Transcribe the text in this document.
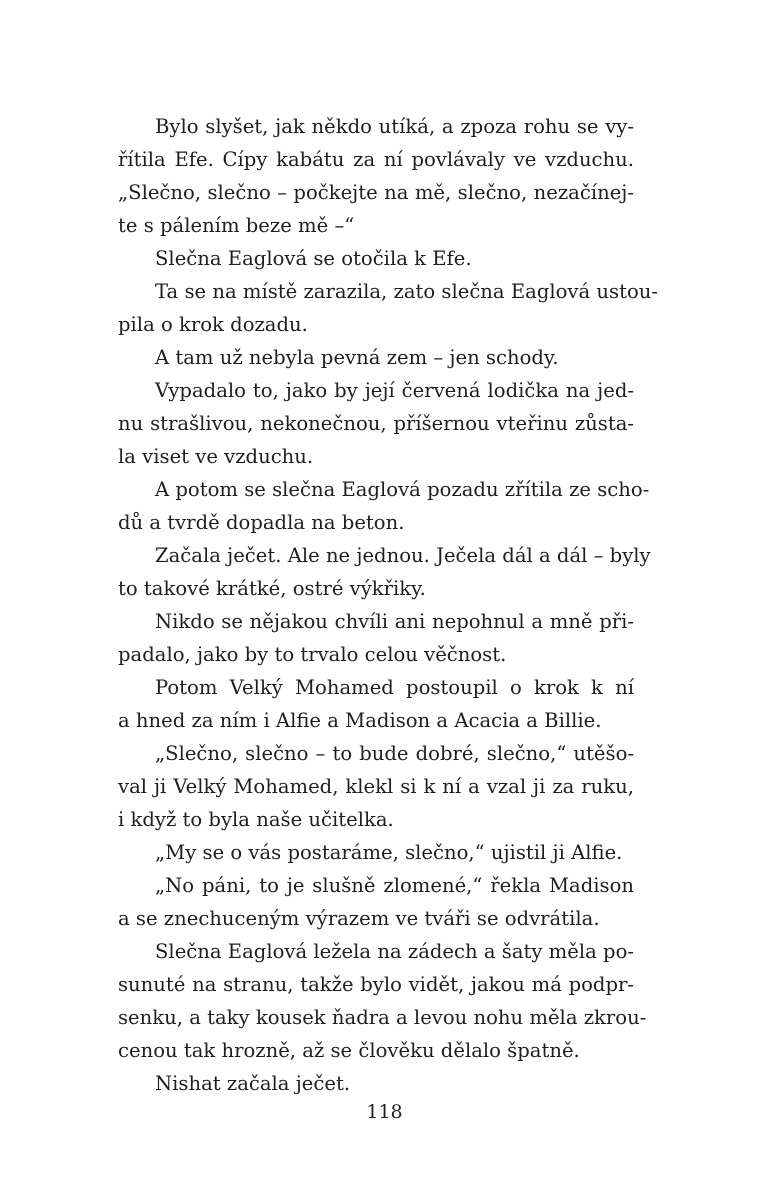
Bylo slyšet, jak někdo utíká, a zpoza rohu se vy-
řítila Efe. Cípy kabátu za ní povlávaly ve vzduchu.
„Slečno, slečno – počkejte na mě, slečno, nezačínej-
te s pálením beze mě –“
Slečna Eaglová se otočila k Efe.
Ta se na místě zarazila, zato slečna Eaglová ustou-
pila o krok dozadu.
A tam už nebyla pevná zem – jen schody.
Vypadalo to, jako by její červená lodička na jed-
nu strašlivou, nekonečnou, příšernou vteřinu zůsta-
la viset ve vzduchu.
A potom se slečna Eaglová pozadu zřítila ze scho-
dů a tvrdě dopadla na beton.
Začala ječet. Ale ne jednou. Ječela dál a dál – byly
to takové krátké, ostré výkřiky.
Nikdo se nějakou chvíli ani nepohnul a mně při-
padalo, jako by to trvalo celou věčnost.
Potom Velký Mohamed postoupil o krok k ní
a hned za ním i Alfie a Madison a Acacia a Billie.
„Slečno, slečno – to bude dobré, slečno,“ utěšo-
val ji Velký Mohamed, klekl si k ní a vzal ji za ruku,
i když to byla naše učitelka.
„My se o vás postaráme, slečno,“ ujistil ji Alfie.
„No páni, to je slušně zlomené,“ řekla Madison
a se znechuceným výrazem ve tváři se odvrátila.
Slečna Eaglová ležela na zádech a šaty měla po-
sunuté na stranu, takže bylo vidět, jakou má podpr-
senku, a taky kousek ňadra a levou nohu měla zkrou-
cenou tak hrozně, až se člověku dělalo špatně.
Nishat začala ječet.
118
